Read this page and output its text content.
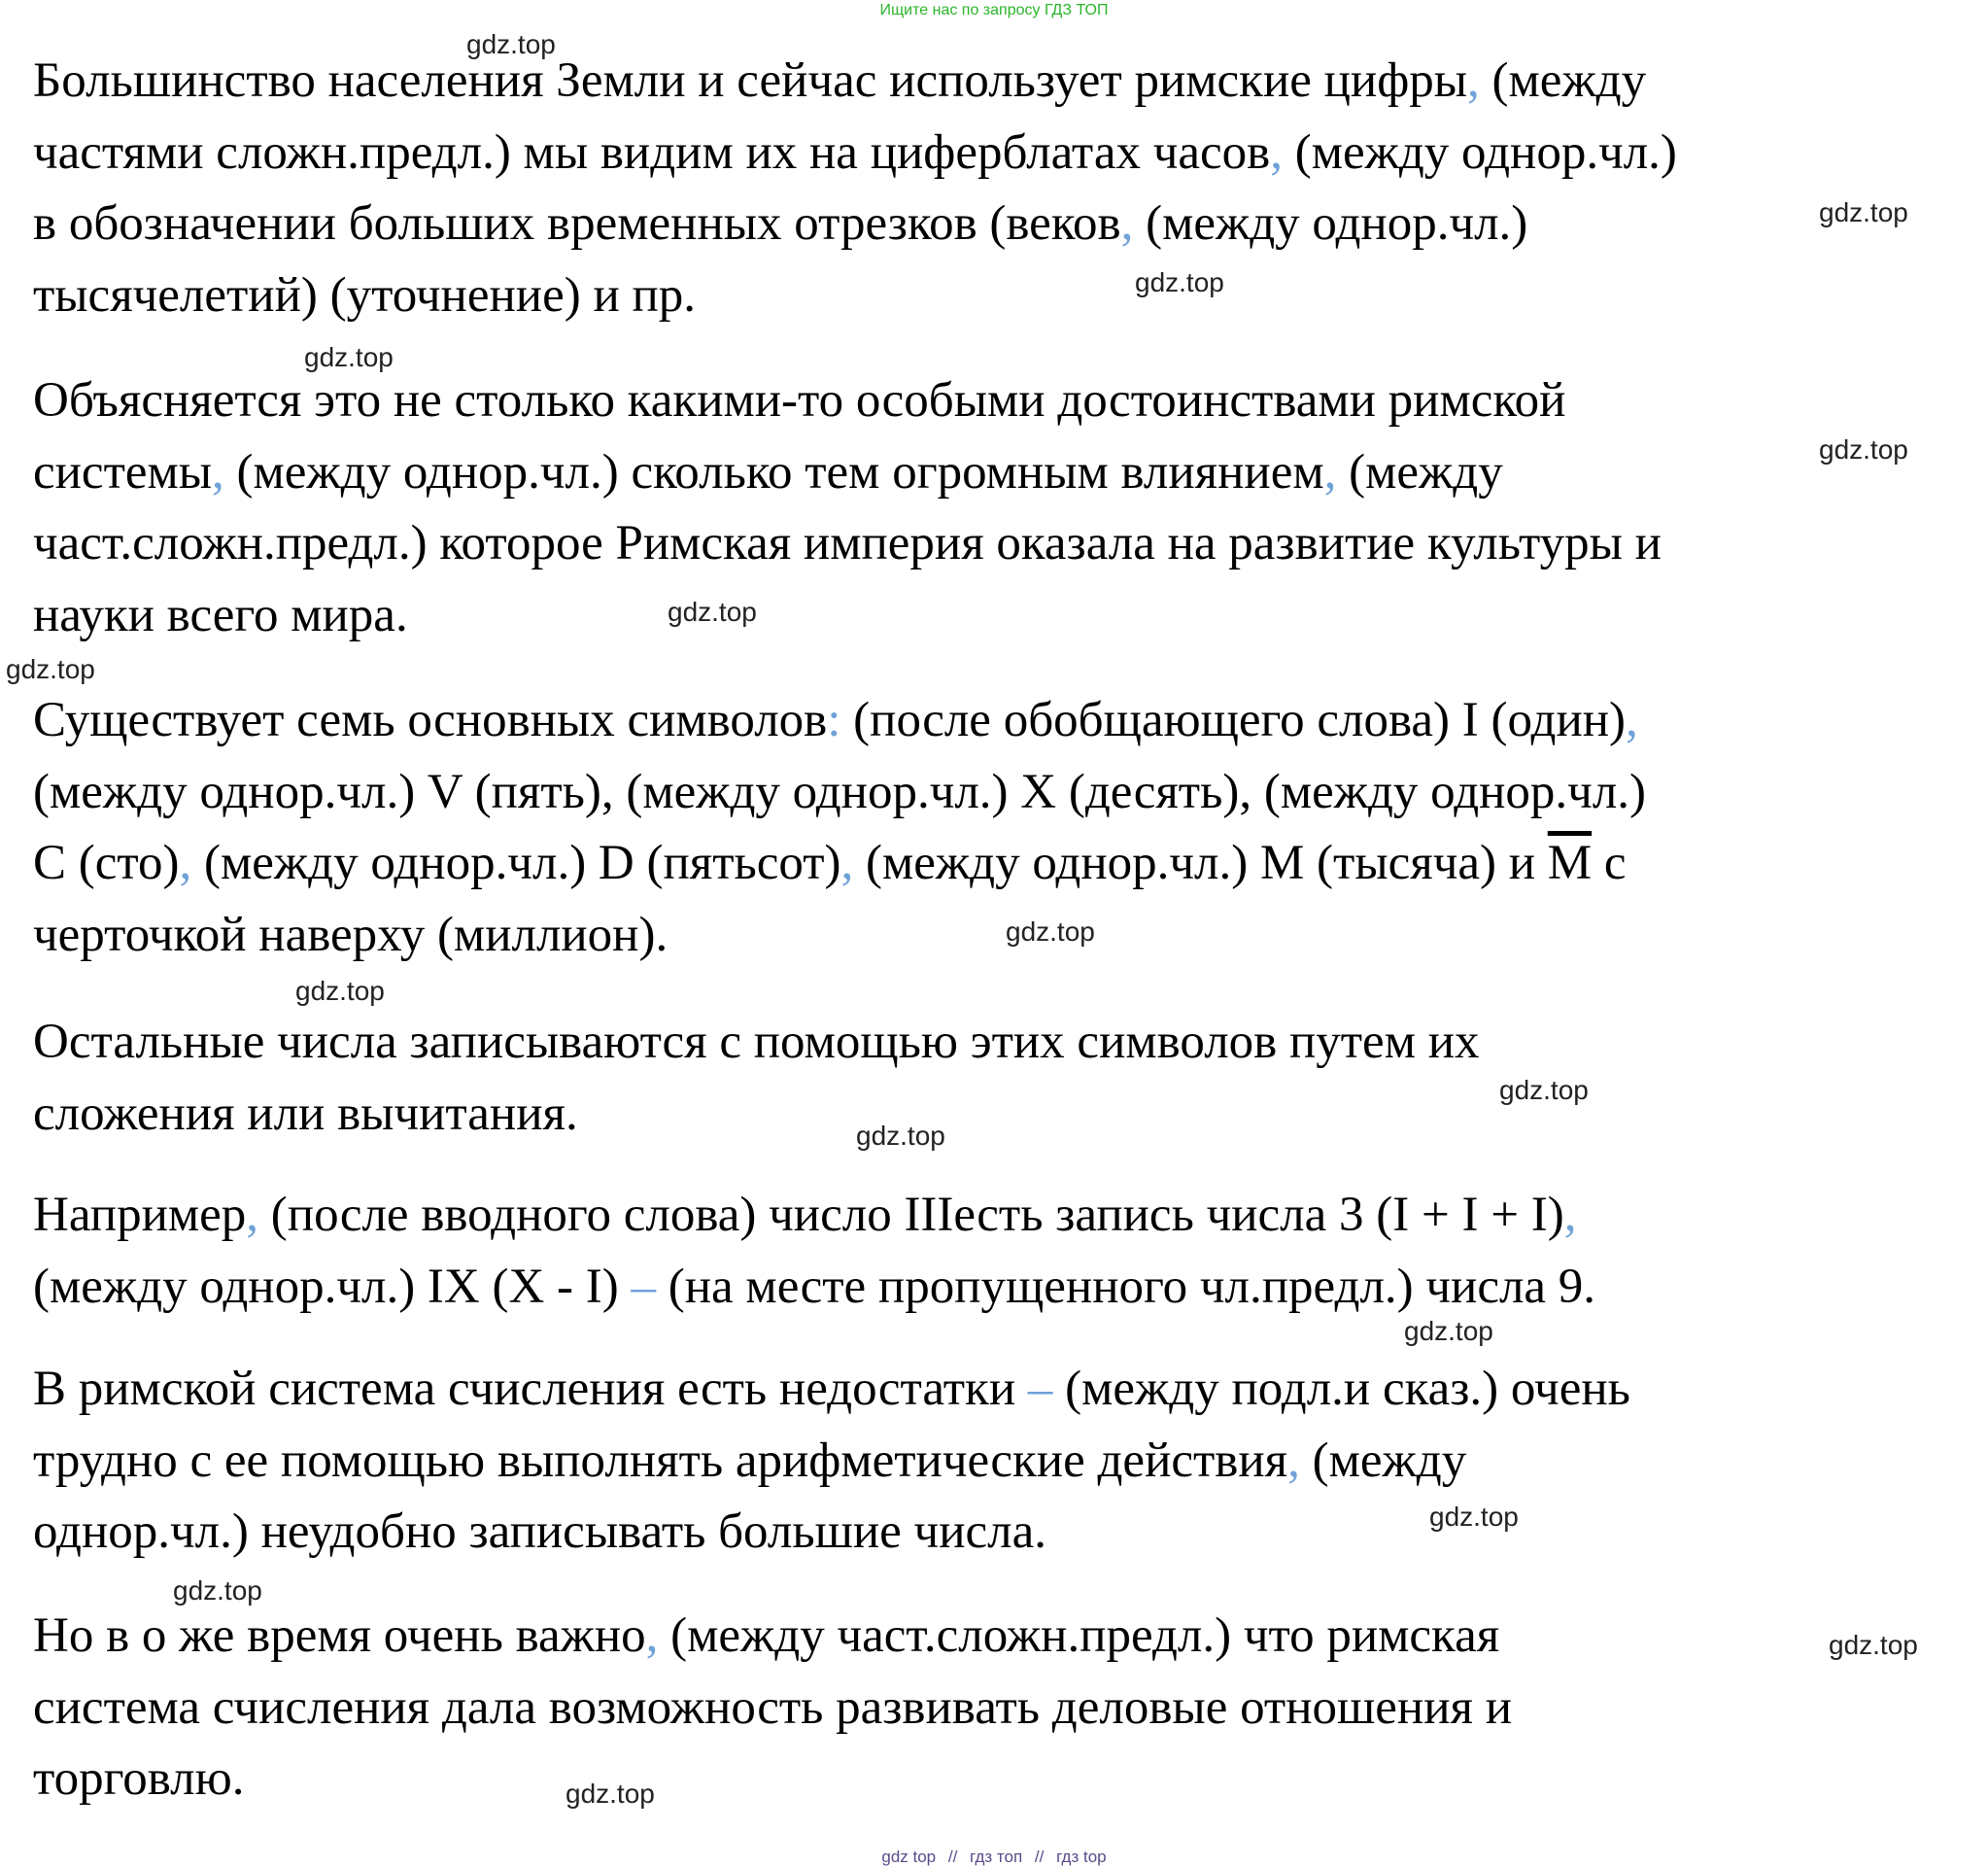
Ищите нас по запросу ГДЗ ТОП
Большинство населения Земли и сейчас использует римские цифры, (между
частями сложн.предл.) мы видим их на циферблатах часов, (между однор.чл.)
в обозначении больших временных отрезков (веков, (между однор.чл.)
тысячелетий) (уточнение) и пр.
Объясняется это не столько какими-то особыми достоинствами римской
системы, (между однор.чл.) сколько тем огромным влиянием, (между
част.сложн.предл.) которое Римская империя оказала на развитие культуры и
науки всего мира.
Существует семь основных символов: (после обобщающего слова) I (один),
(между однор.чл.) V (пять), (между однор.чл.) X (десять), (между однор.чл.)
C (сто), (между однор.чл.) D (пятьсот), (между однор.чл.) M (тысяча) и $\overline{M}$ с
черточкой наверху (миллион).
Остальные числа записываются с помощью этих символов путем их
сложения или вычитания.
Например, (после вводного слова) число IIIесть запись числа 3 (I + I + I),
(между однор.чл.) IX (X - I) – (на месте пропущенного чл.предл.) числа 9.
В римской система счисления есть недостатки – (между подл.и сказ.) очень
трудно с ее помощью выполнять арифметические действия, (между
однор.чл.) неудобно записывать большие числа.
Но в о же время очень важно, (между част.сложн.предл.) что римская
система счисления дала возможность развивать деловые отношения и
торговлю.
gdz.top
gdz.top
gdz.top
gdz.top
gdz.top
gdz.top
gdz.top
gdz.top
gdz.top
gdz.top
gdz.top
gdz.top
gdz.top
gdz.top
gdz.top
gdz.top
gdz top // гдз топ // гдз top
